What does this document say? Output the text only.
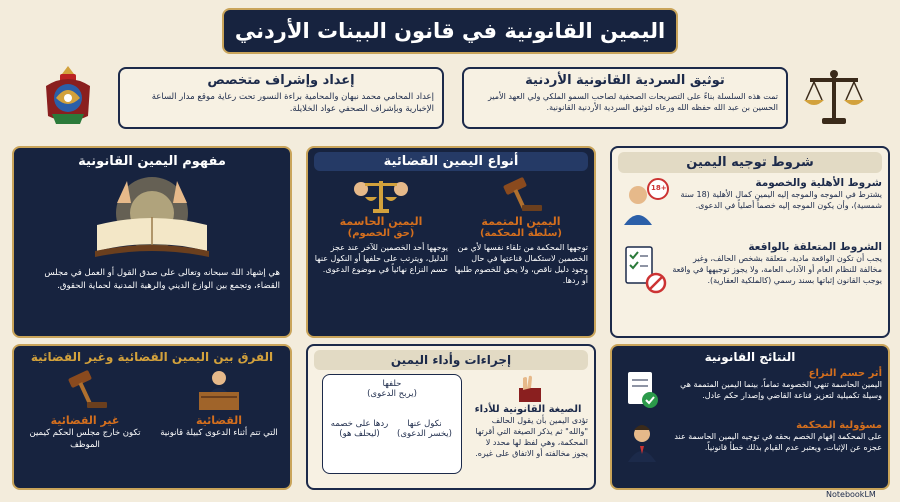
اليمين القانونية في قانون البينات الأردني
إعداد وإشراف متخصص
إعداد المحامي محمد نبهان والمحامية براءة النسور تحت رعاية موقع مدار الساعة الإخبارية وبإشراف الصحفي عواد الخلايلة.
توثيق السردية القانونية الأردنية
تمت هذه السلسلة بناءً على التصريحات الصحفية لصاحب السمو الملكي ولي العهد الأمير الحسين بن عبد الله حفظه الله ورعاه لتوثيق السردية الأردنية القانونية.
مفهوم اليمين القانونية
هي إشهاد الله سبحانه وتعالى على صدق القول أو العمل في مجلس القضاء، وتجمع بين الوازع الديني والرهبة المدنية لحماية الحقوق.
أنواع اليمين القضائية
اليمين المتممة
(سلطة المحكمة)
توجهها المحكمة من تلقاء نفسها لأي من الخصمين لاستكمال قناعتها في حال وجود دليل ناقص، ولا يحق للخصوم طلبها أو ردها.
اليمين الحاسمة
(حق الخصوم)
يوجهها أحد الخصمين للآخر عند عجز الدليل، ويترتب على حلفها أو النكول عنها حسم النزاع نهائياً في موضوع الدعوى.
شروط توجيه اليمين
شروط الأهلية والخصومة
يشترط في الموجه والموجه إليه اليمين كمال الأهلية (18 سنة شمسية)، وأن يكون الموجه إليه خصماً أصلياً في الدعوى.
18+
الشروط المتعلقة بالواقعة
يجب أن تكون الواقعة مادية، متعلقة بشخص الحالف، وغير مخالفة للنظام العام أو الآداب العامة، ولا يجوز توجيهها في واقعة يوجب القانون إثباتها بسند رسمي (كالملكية العقارية).
الفرق بين اليمين القضائية وغير القضائية
القضائية
التي تتم أثناء الدعوى كبيلة قانونية
غير القضائية
تكون خارج مجلس الحكم كيمين الموظف
إجراءات وأداء اليمين
الصيغة القانونية للأداء
تؤدى اليمين بأن يقول الحالف "والله" ثم يذكر الصيغة التي أقرتها المحكمة، وهي لفظ لها محدد لا يجوز مخالفته أو الاتفاق على غيره.
حلفها
(يربح الدعوى)
نكول عنها
(يخسر الدعوى)
ردها على خصمه
(ليحلف هو)
النتائج القانونية
أثر حسم النزاع
اليمين الحاسمة تنهي الخصومة تماماً، بينما اليمين المتممة هي وسيلة تكميلية لتعزيز قناعة القاضي وإصدار حكم عادل.
مسؤولية المحكمة
على المحكمة إفهام الخصم بحقه في توجيه اليمين الحاسمة عند عجزه عن الإثبات، ويعتبر عدم القيام بذلك خطأ قانونياً.
NotebookLM
